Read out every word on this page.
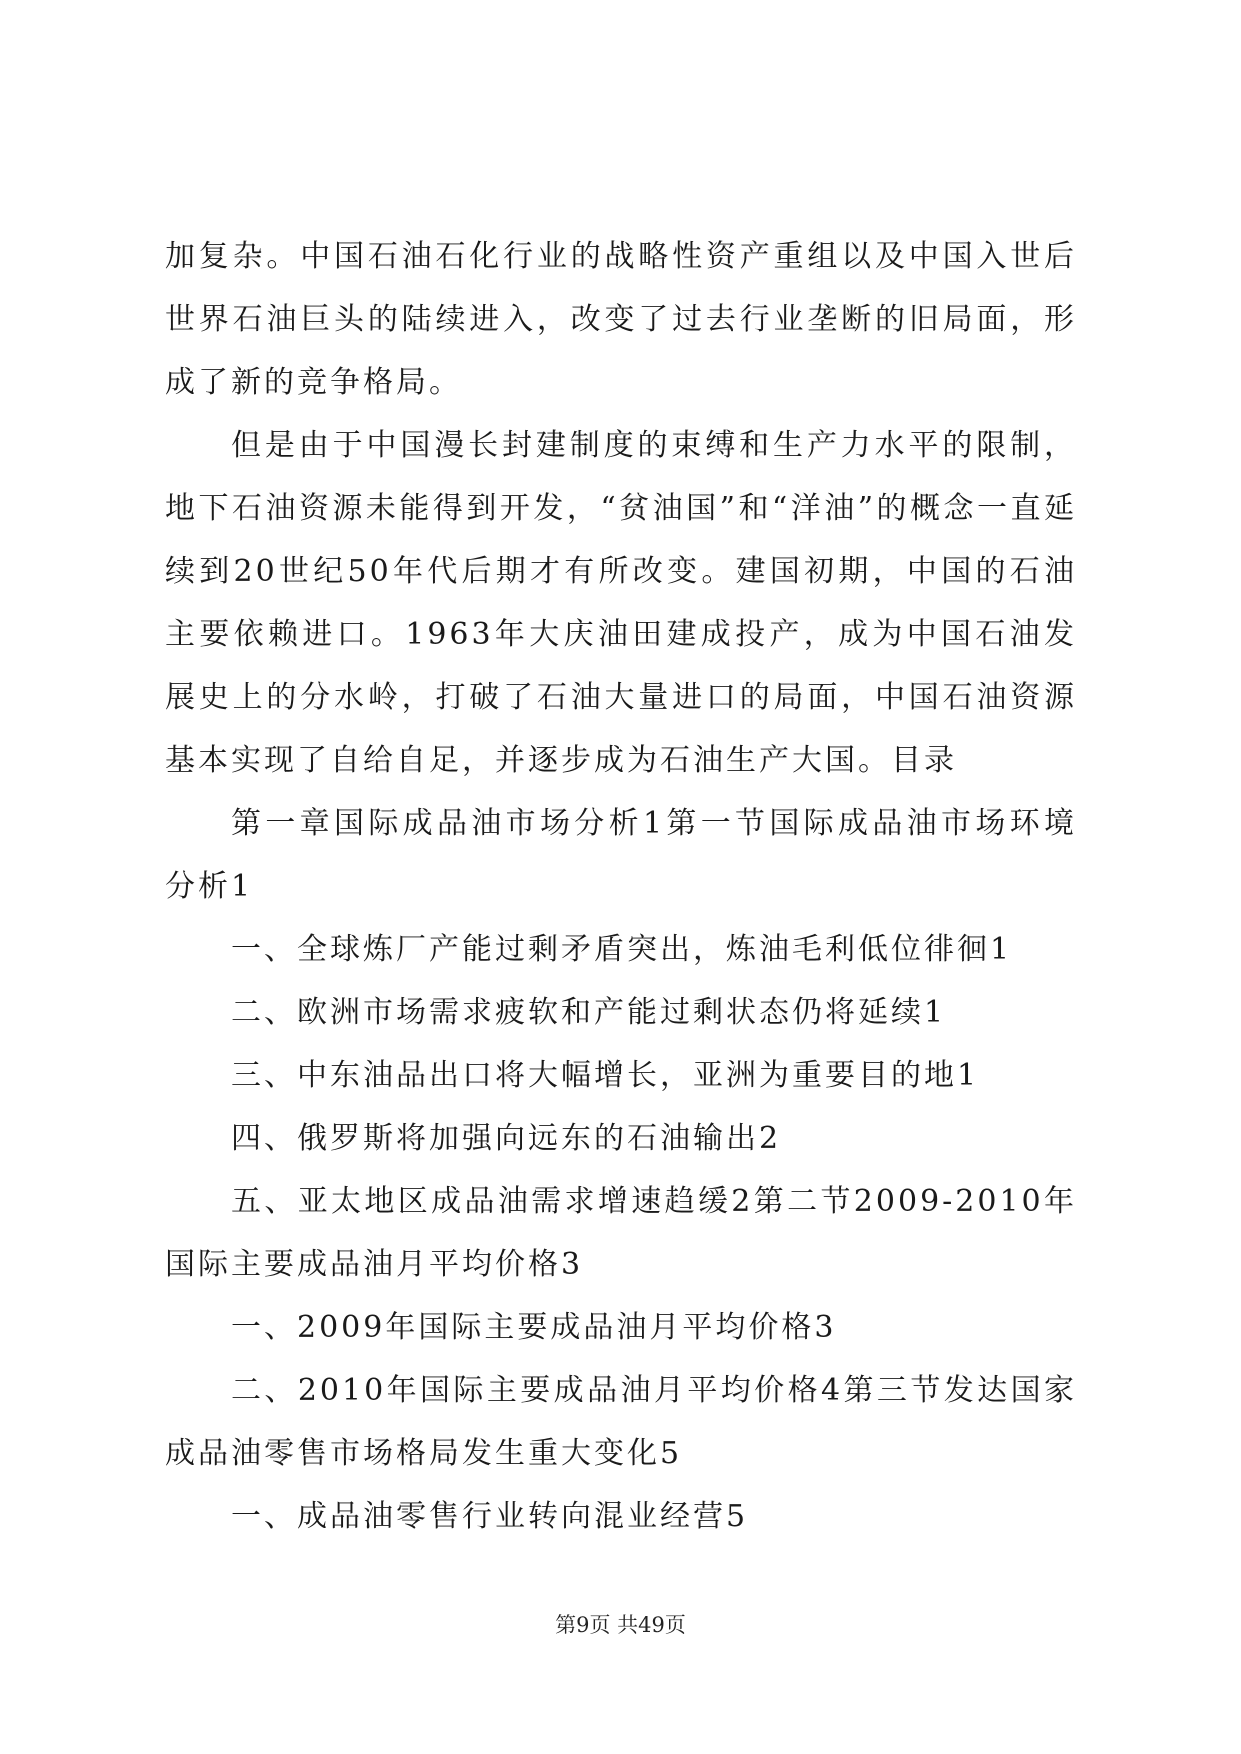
加复杂。中国石油石化行业的战略性资产重组以及中国入世后世界石油巨头的陆续进入，改变了过去行业垄断的旧局面，形成了新的竞争格局。

但是由于中国漫长封建制度的束缚和生产力水平的限制，地下石油资源未能得到开发，“贫油国”和“洋油”的概念一直延续到20世纪50年代后期才有所改变。建国初期，中国的石油主要依赖进口。1963年大庆油田建成投产，成为中国石油发展史上的分水岭，打破了石油大量进口的局面，中国石油资源基本实现了自给自足，并逐步成为石油生产大国。目录

第一章国际成品油市场分析1第一节国际成品油市场环境分析1

一、全球炼厂产能过剩矛盾突出，炼油毛利低位徘徊1

二、欧洲市场需求疲软和产能过剩状态仍将延续1

三、中东油品出口将大幅增长，亚洲为重要目的地1

四、俄罗斯将加强向远东的石油输出2

五、亚太地区成品油需求增速趋缓2第二节2009-2010年国际主要成品油月平均价格3

一、2009年国际主要成品油月平均价格3

二、2010年国际主要成品油月平均价格4第三节发达国家成品油零售市场格局发生重大变化5

一、成品油零售行业转向混业经营5

第9页 共49页
